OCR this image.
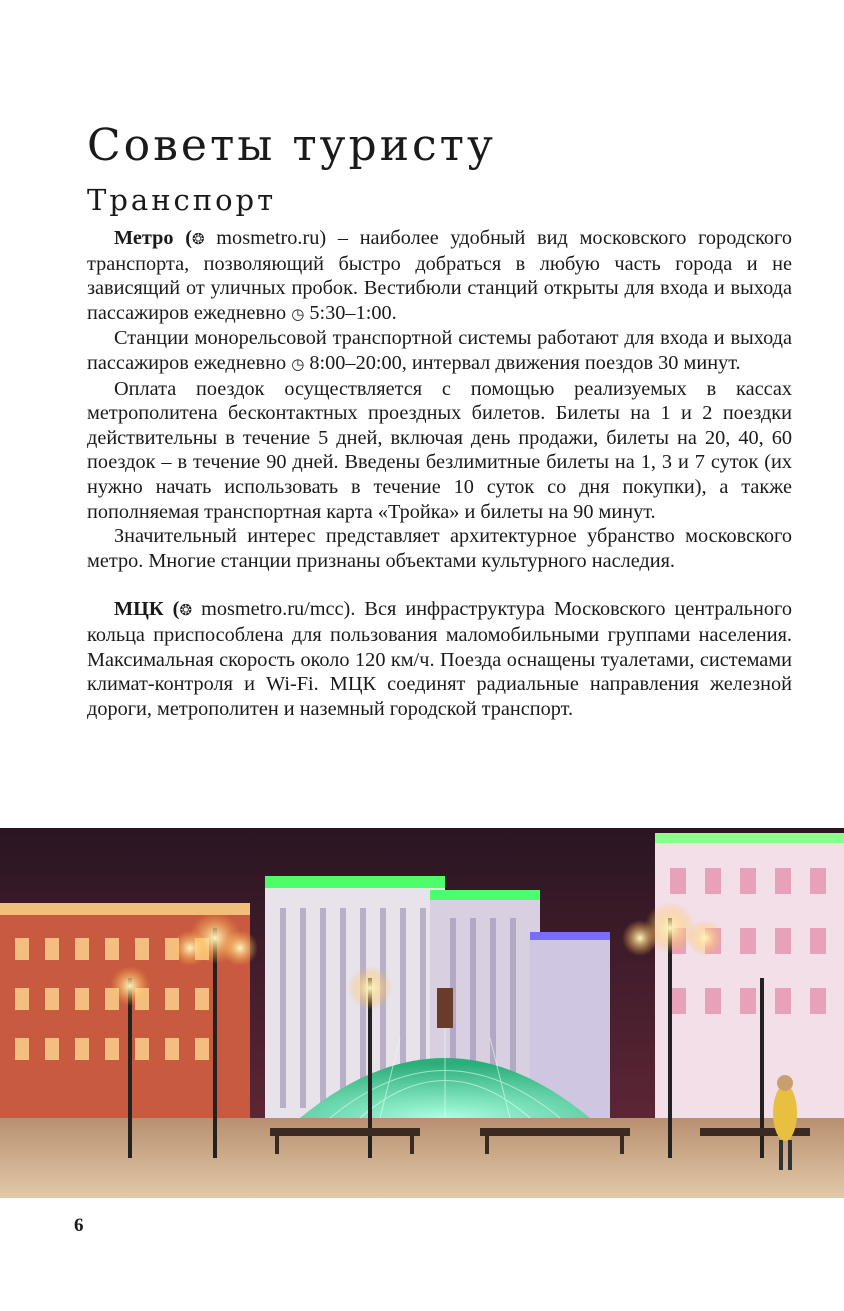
Советы туристу
Транспорт

Метро (❂ mosmetro.ru) – наиболее удобный вид московского городского транспорта, позволяющий быстро добраться в любую часть города и не зависящий от уличных пробок. Вестибюли станций открыты для входа и выхода пассажиров ежедневно ◷ 5:30–1:00.

Станции монорельсовой транспортной системы работают для входа и выхода пассажиров ежедневно ◷ 8:00–20:00, интервал движения поездов 30 минут.

Оплата поездок осуществляется с помощью реализуемых в кассах метрополитена бесконтактных проездных билетов. Билеты на 1 и 2 поездки действительны в течение 5 дней, включая день продажи, билеты на 20, 40, 60 поездок – в течение 90 дней. Введены безлимитные билеты на 1, 3 и 7 суток (их нужно начать использовать в течение 10 суток со дня покупки), а также пополняемая транспортная карта «Тройка» и билеты на 90 минут.

Значительный интерес представляет архитектурное убранство московского метро. Многие станции признаны объектами культурного наследия.

МЦК (❂ mosmetro.ru/mcc). Вся инфраструктура Московского центрального кольца приспособлена для пользования маломобильными группами населения. Максимальная скорость около 120 км/ч. Поезда оснащены туалетами, системами климат-контроля и Wi-Fi. МЦК соединят радиальные направления железной дороги, метрополитен и наземный городской транспорт.

6
